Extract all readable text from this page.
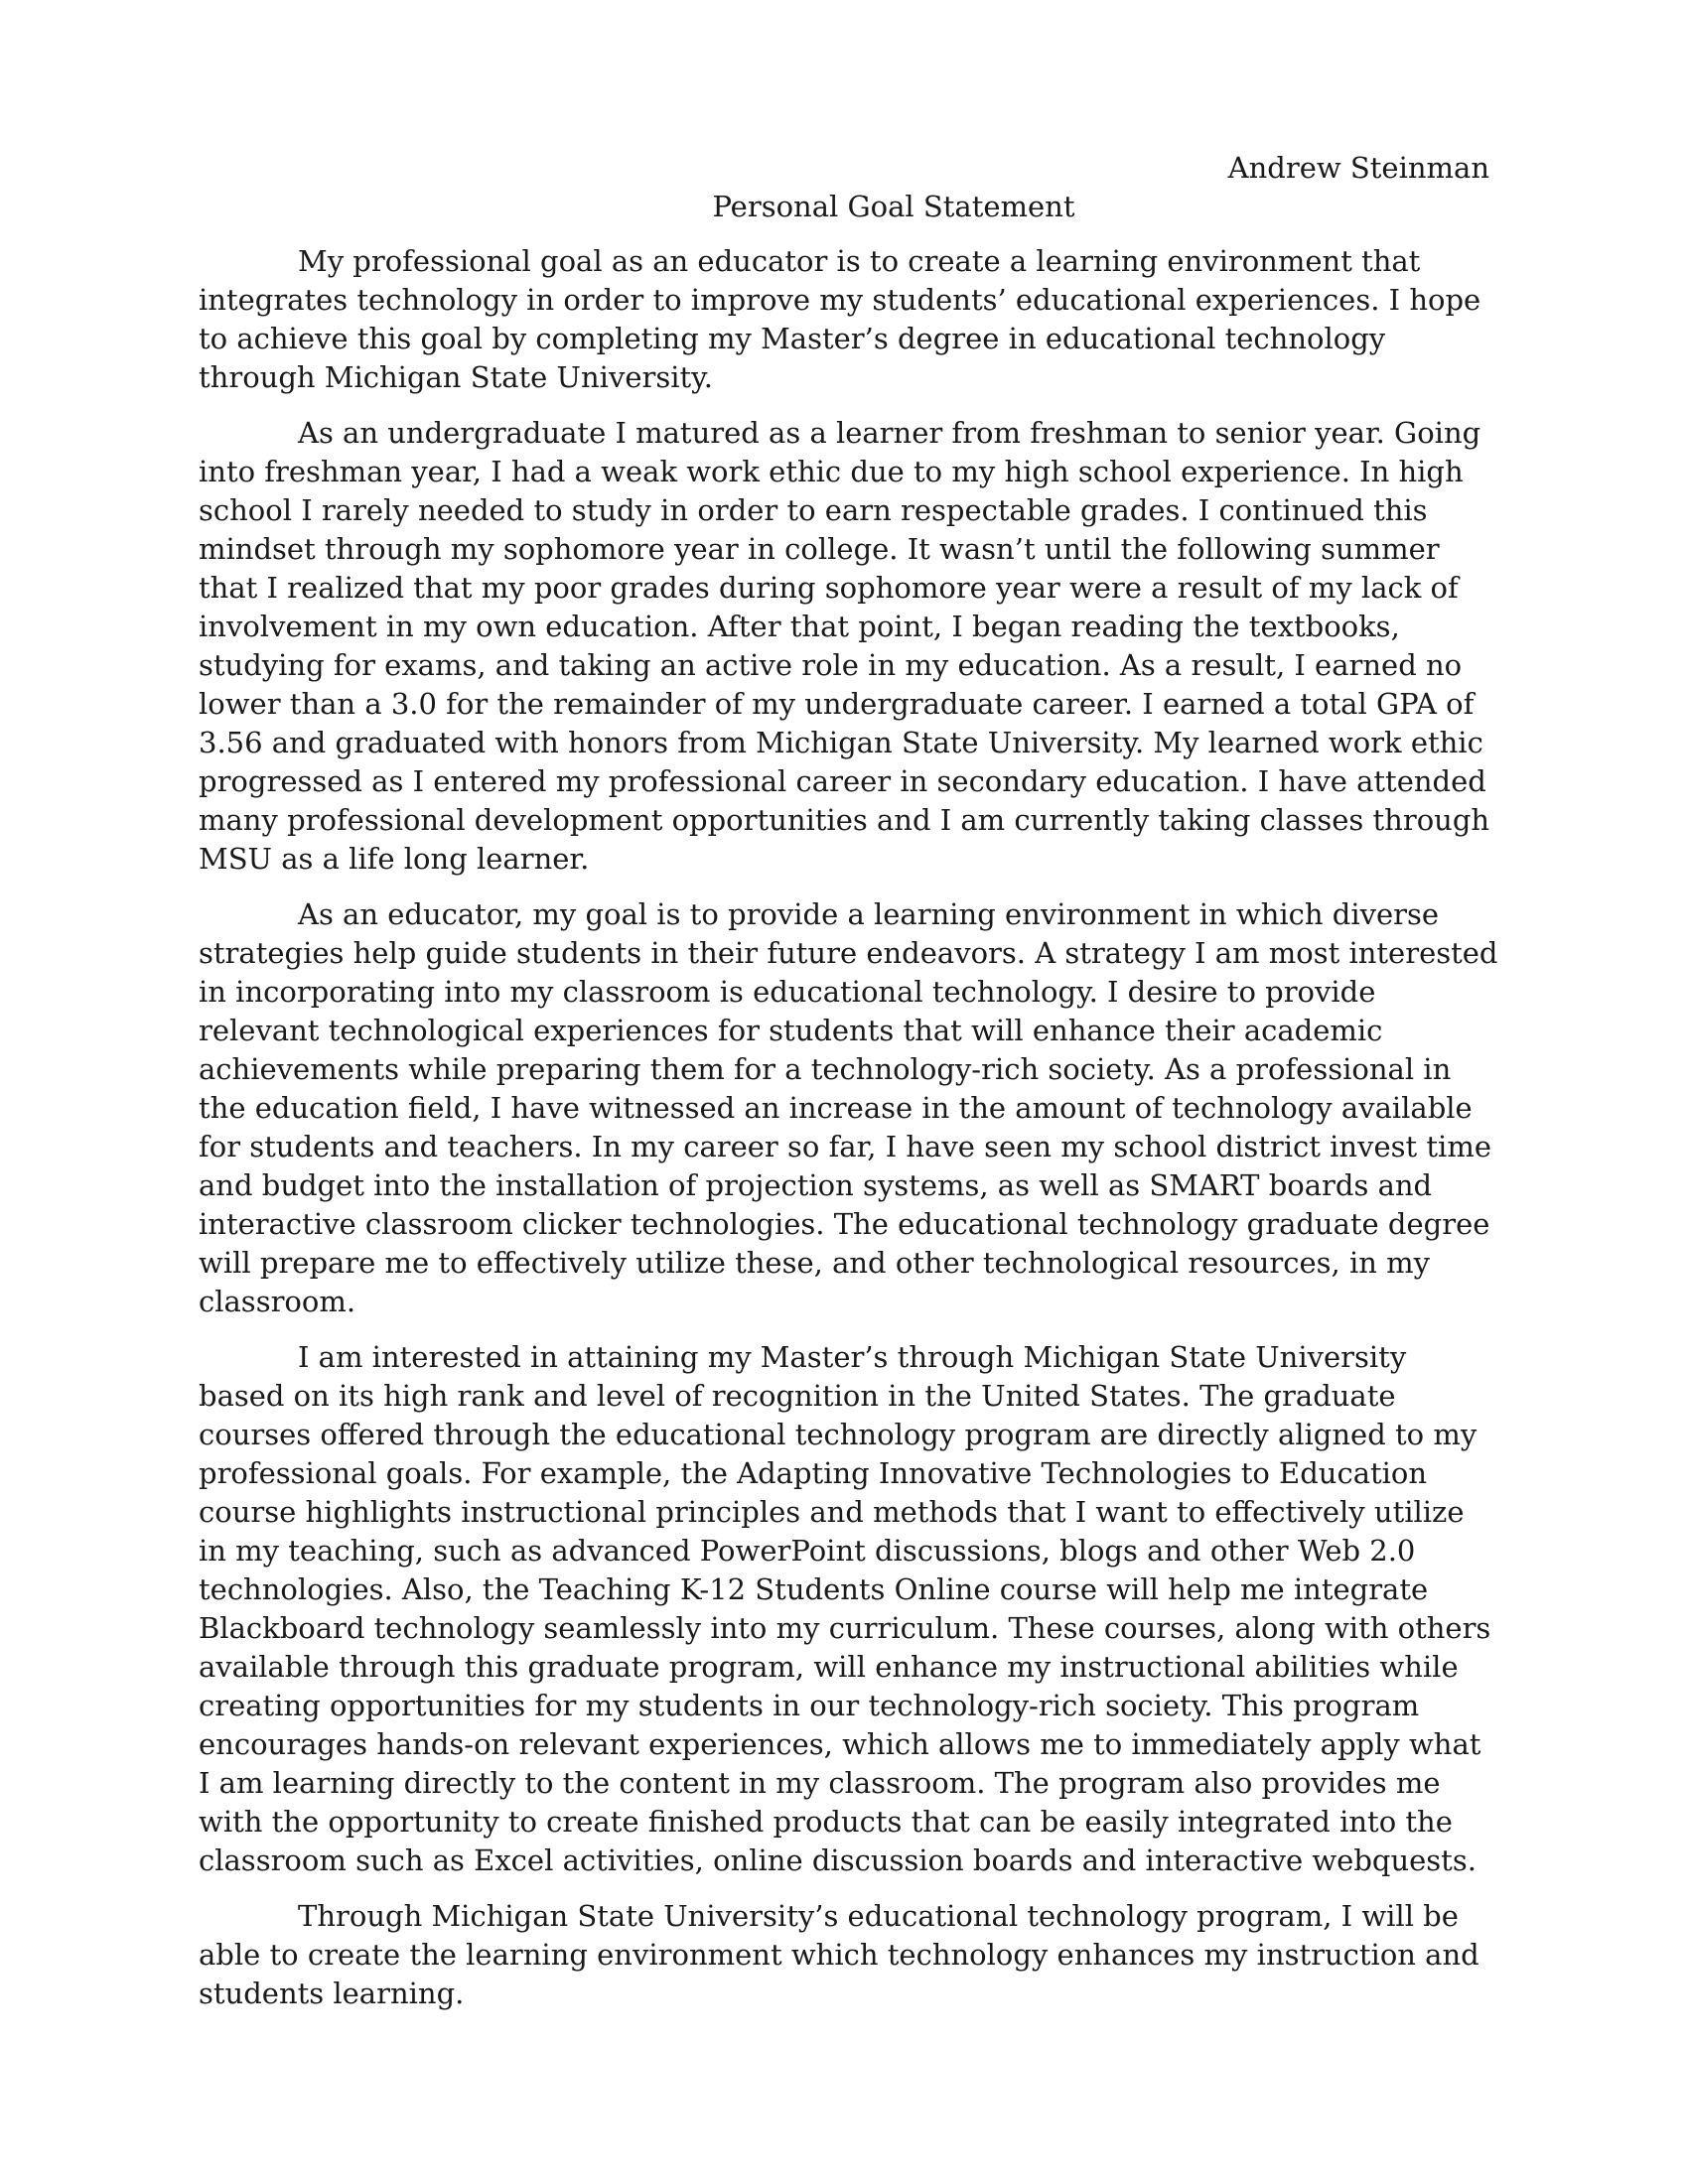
Andrew Steinman

Personal Goal Statement

My professional goal as an educator is to create a learning environment that integrates technology in order to improve my students’ educational experiences. I hope to achieve this goal by completing my Master’s degree in educational technology through Michigan State University.

As an undergraduate I matured as a learner from freshman to senior year. Going into freshman year, I had a weak work ethic due to my high school experience. In high school I rarely needed to study in order to earn respectable grades. I continued this mindset through my sophomore year in college. It wasn’t until the following summer that I realized that my poor grades during sophomore year were a result of my lack of involvement in my own education. After that point, I began reading the textbooks, studying for exams, and taking an active role in my education. As a result, I earned no lower than a 3.0 for the remainder of my undergraduate career. I earned a total GPA of 3.56 and graduated with honors from Michigan State University. My learned work ethic progressed as I entered my professional career in secondary education. I have attended many professional development opportunities and I am currently taking classes through MSU as a life long learner.

As an educator, my goal is to provide a learning environment in which diverse strategies help guide students in their future endeavors. A strategy I am most interested in incorporating into my classroom is educational technology. I desire to provide relevant technological experiences for students that will enhance their academic achievements while preparing them for a technology-rich society. As a professional in the education field, I have witnessed an increase in the amount of technology available for students and teachers. In my career so far, I have seen my school district invest time and budget into the installation of projection systems, as well as SMART boards and interactive classroom clicker technologies. The educational technology graduate degree will prepare me to effectively utilize these, and other technological resources, in my classroom.

I am interested in attaining my Master’s through Michigan State University based on its high rank and level of recognition in the United States. The graduate courses offered through the educational technology program are directly aligned to my professional goals. For example, the Adapting Innovative Technologies to Education course highlights instructional principles and methods that I want to effectively utilize in my teaching, such as advanced PowerPoint discussions, blogs and other Web 2.0 technologies. Also, the Teaching K-12 Students Online course will help me integrate Blackboard technology seamlessly into my curriculum. These courses, along with others available through this graduate program, will enhance my instructional abilities while creating opportunities for my students in our technology-rich society. This program encourages hands-on relevant experiences, which allows me to immediately apply what I am learning directly to the content in my classroom. The program also provides me with the opportunity to create finished products that can be easily integrated into the classroom such as Excel activities, online discussion boards and interactive webquests.

Through Michigan State University’s educational technology program, I will be able to create the learning environment which technology enhances my instruction and students learning.
